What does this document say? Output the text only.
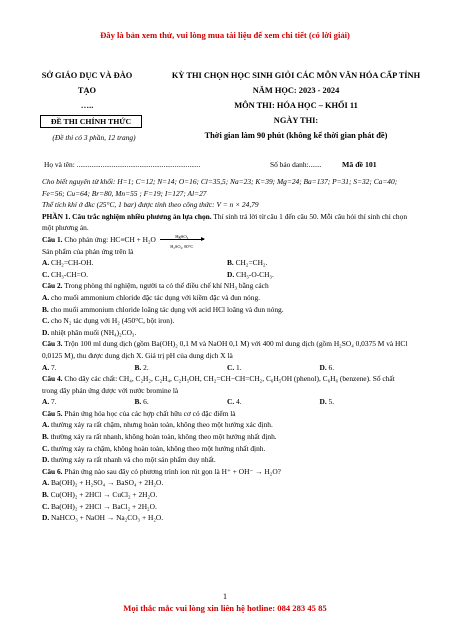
Đây là bản xem thử, vui lòng mua tài liệu để xem chi tiết (có lời giải)
SỞ GIÁO DỤC VÀ ĐÀO
TẠO
…..
ĐỀ THI CHÍNH THỨC
(Đề thi có 3 phần, 12 trang)
KỲ THI CHỌN HỌC SINH GIỎI CÁC MÔN VĂN HÓA CẤP TỈNH
NĂM HỌC: 2023 - 2024
MÔN THI: HÓA HỌC – KHỐI 11
NGÀY THI:
Thời gian làm 90 phút (không kể thời gian phát đề)
Họ và tên: ...................................................................	Số báo danh:.......	Mã đề 101

Cho biết nguyên tử khối: H=1; C=12; N=14; O=16; Cl=35,5; Na=23; K=39; Mg=24; Ba=137; P=31; S=32; Ca=40; Fe=56; Cu=64; Br=80, Mn=55 ; F=19; I=127; Al=27

Thể tích khí ở đkc (25°C, 1 bar) được tính theo công thức: V = n × 24,79

PHẦN 1. Câu trắc nghiệm nhiều phương án lựa chọn. Thí sinh trả lời từ câu 1 đến câu 50. Mỗi câu hỏi thí sinh chỉ chọn một phương án.

Câu 1. Cho phản ứng: HC≡CH + H₂O	HgSO₄
H₂SO₄, 80°C

Sản phẩm của phản ứng trên là

A. CH₂=CH-OH.	B. CH₂=CH₂.
C. CH₃-CH=O.	D. CH₃-O-CH₃.

Câu 2. Trong phòng thí nghiệm, người ta có thể điều chế khí NH₃ bằng cách

A. cho muối ammonium chloride đặc tác dụng với kiềm đặc và đun nóng.

B. cho muối ammonium chloride loãng tác dụng với acid HCl loãng và đun nóng.

C. cho N₂ tác dụng với H₂ (450°C, bột iron).

D. nhiệt phân muối (NH₄)₂CO₃.

Câu 3. Trộn 100 ml dung dịch (gồm Ba(OH)₂ 0,1 M và NaOH 0,1 M) với 400 ml dung dịch (gồm H₂SO₄ 0,0375 M và HCl 0,0125 M), thu được dung dịch X. Giá trị pH của dung dịch X là

A. 7.	B. 2.	C. 1.	D. 6.

Câu 4. Cho dãy các chất: CH₄, C₂H₂, C₂H₄, C₂H₅OH, CH₂=CH−CH=CH₂, C₆H₅OH (phenol), C₆H₆ (benzene). Số chất trong dãy phản ứng được với nước bromine là

A. 7.	B. 6.	C. 4.	D. 5.

Câu 5. Phản ứng hóa học của các hợp chất hữu cơ có đặc điểm là

A. thường xảy ra rất chậm, nhưng hoàn toàn, không theo một hướng xác định.

B. thường xảy ra rất nhanh, không hoàn toàn, không theo một hướng nhất định.

C. thường xảy ra chậm, không hoàn toàn, không theo một hướng nhất định.

D. thường xảy ra rất nhanh và cho một sản phẩm duy nhất.

Câu 6. Phản ứng nào sau đây có phương trình ion rút gọn là H⁺ + OH⁻ → H₂O?

A. Ba(OH)₂ + H₂SO₄ → BaSO₄ + 2H₂O.

B. Cu(OH)₂ + 2HCl → CuCl₂ + 2H₂O.

C. Ba(OH)₂ + 2HCl → BaCl₂ + 2H₂O.

D. NaHCO₃ + NaOH → Na₂CO₃ + H₂O.

1
Mọi thắc mắc vui lòng xin liên hệ hotline: 084 283 45 85
